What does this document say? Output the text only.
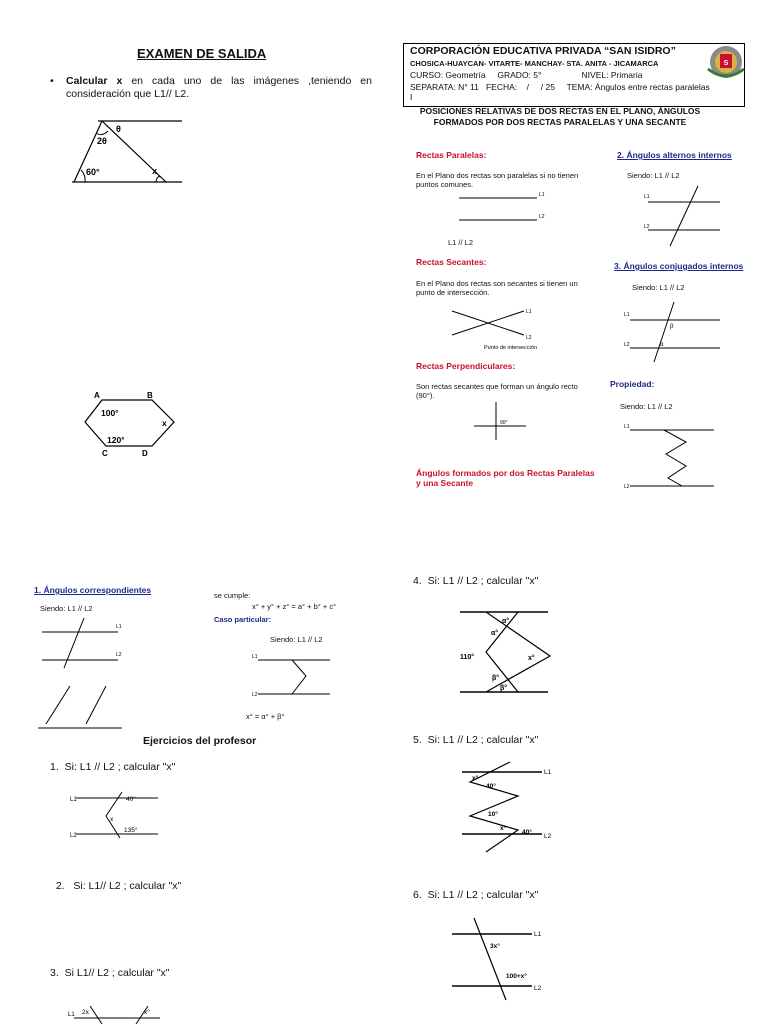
EXAMEN DE SALIDA
• Calcular x en cada uno de las imágenes ,teniendo en consideración que L1// L2.
2θ
θ
60°	x
A	B
C	D
100°
120°
x
CORPORACIÓN EDUCATIVA PRIVADA “SAN ISIDRO”
CHOSICA-HUAYCAN- VITARTE- MANCHAY- STA. ANITA - JICAMARCA
CURSO: Geometría     GRADO: 5°                 NIVEL: Primaria
SEPARATA: N° 11   FECHA:    /     / 25     TEMA: Ángulos entre rectas paralelas I
S
POSICIONES RELATIVAS DE DOS RECTAS EN EL PLANO, ÁNGULOS FORMADOS POR DOS RECTAS PARALELAS Y UNA SECANTE
Rectas Paralelas:
En el Plano dos rectas son paralelas si no tienen puntos comunes.
L1
L2
L1 // L2
Rectas Secantes:
En el Plano dos rectas son secantes si tienen un punto de intersección.
L1
L2
Punto de intersección
Rectas Perpendiculares:
Son rectas secantes que forman un ángulo recto (90°).
90°
Ángulos formados por dos Rectas Paralelas y una Secante
2. Ángulos alternos internos
Siendo: L1 // L2
L1
L2
3. Ángulos conjugados internos
Siendo: L1 // L2
L1
L2
β
α
Propiedad:
Siendo: L1 // L2
L1
L2
1. Ángulos correspondientes
Siendo: L1 // L2
L1
L2
se cumple:
x° + y° + z° = a° + b° + c°
Caso particular:
Siendo: L1 // L2
L1
L2
x° = α° + β°
Ejercicios del profesor
1. Si: L1 // L2 ; calcular "x"
L1
L2
40°
x
135°

2.   Si: L1// L2 ; calcular "x"

3. Si L1// L2 ; calcular "x"
L1 2x	x°
4. Si: L1 // L2 ; calcular "x"
α°
α°
110°	x°
β°
β°
5. Si: L1 // L2 ; calcular "x"
L1
L2
x°
40°
10°
x°
40°
6. Si: L1 // L2 ; calcular "x"
L1
L2
3x°
100+x°
